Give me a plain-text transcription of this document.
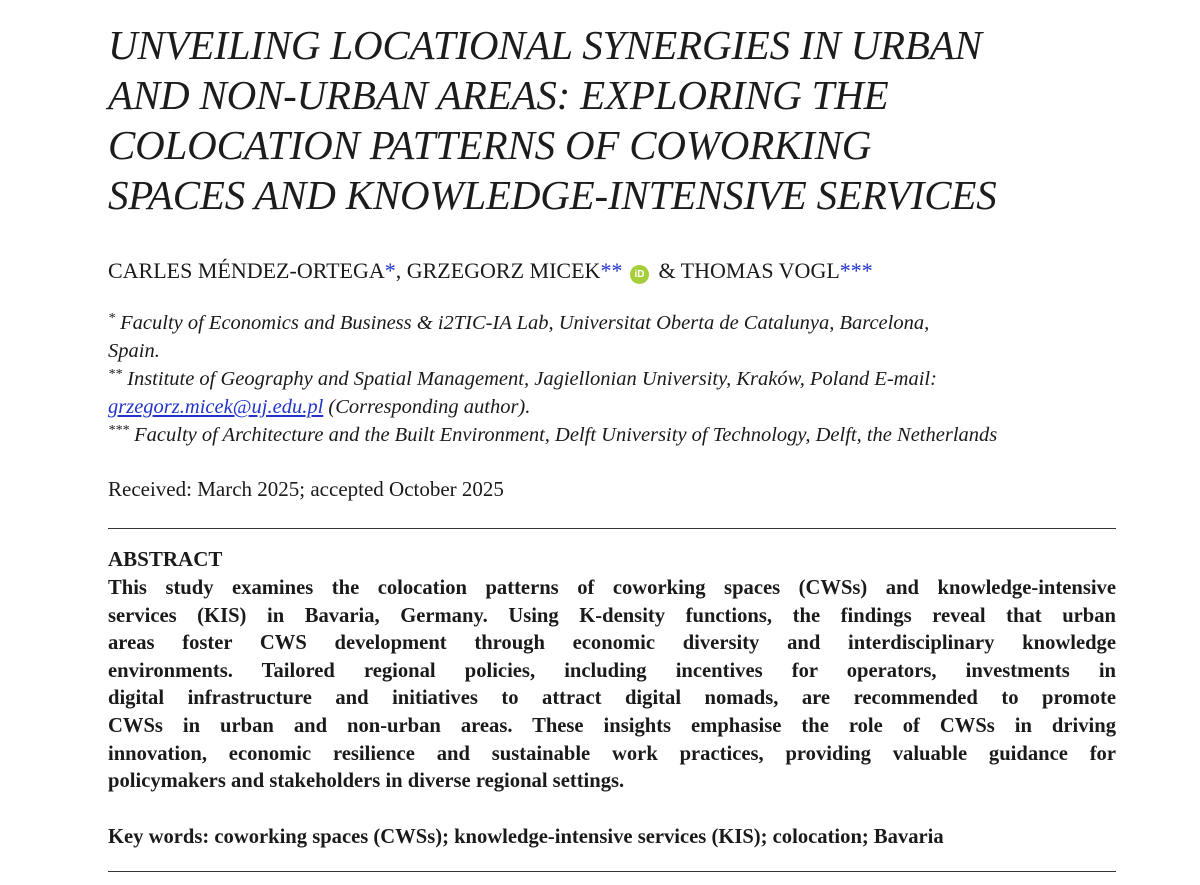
UNVEILING LOCATIONAL SYNERGIES IN URBAN
AND NON-URBAN AREAS: EXPLORING THE
COLOCATION PATTERNS OF COWORKING
SPACES AND KNOWLEDGE-INTENSIVE SERVICES
CARLES MÉNDEZ-ORTEGA*, GRZEGORZ MICEK** iD & THOMAS VOGL***

* Faculty of Economics and Business & i2TIC-IA Lab, Universitat Oberta de Catalunya, Barcelona,
Spain.

** Institute of Geography and Spatial Management, Jagiellonian University, Kraków, Poland E-mail:
grzegorz.micek@uj.edu.pl (Corresponding author).

*** Faculty of Architecture and the Built Environment, Delft University of Technology, Delft, the Netherlands

Received: March 2025; accepted October 2025
ABSTRACT

This study examines the colocation patterns of coworking spaces (CWSs) and knowledge-intensive
services (KIS) in Bavaria, Germany. Using K-density functions, the findings reveal that urban
areas foster CWS development through economic diversity and interdisciplinary knowledge
environments. Tailored regional policies, including incentives for operators, investments in
digital infrastructure and initiatives to attract digital nomads, are recommended to promote
CWSs in urban and non-urban areas. These insights emphasise the role of CWSs in driving
innovation, economic resilience and sustainable work practices, providing valuable guidance for
policymakers and stakeholders in diverse regional settings.

Key words: coworking spaces (CWSs); knowledge-intensive services (KIS); colocation; Bavaria
